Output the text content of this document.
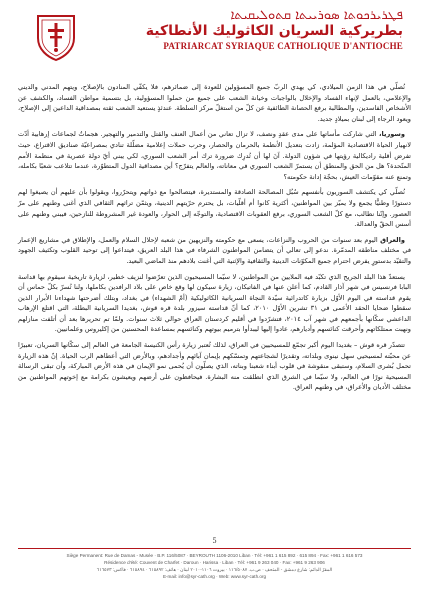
ܦܛܪܝܪܟܘܬܐ ܣܘܪܝܝܬܐ ܩܬܘܠܝܩܝܬܐ
بطريركية السريان الكاثوليك الأنطاكية
PATRIARCAT SYRIAQUE CATHOLIQUE D'ANTIOCHE

نُصلّي في هذا الزمن الميلادي، كي يهدي الربّ جميع المسؤولين للعودة إلى ضمائرهم، فلا يكفّي المنادون بالإصلاح، ويتهم المدني والديني والإعلامي، بالعمل لإنهاء الفساد والإخلال بالواجبات وخيانة الشعب على جميع من حملوا المسؤولية، بل بتسمية مواطن الفساد، والكشف عن الأشخاص الفاسدين، والمطالبة برفع الحصانة الطائفية عن كلّ من استغلّ مركز السلطة. عندئذٍ يستعيد الشعب ثقته بمصداقية الداعين إلى الإصلاح، ويعود الرجاء إلى لبنان بميلادٍ جديد.

وسوريا، التي شاركت مأساتها على مدى عقدٍ ونصف، لا تزال تعاني من أعمال العنف والقتل والتدمير والتهجير. هجماتٌ لجماعات إرهابية أدّت لانهيار الحياة الاقتصادية المؤلمة، زادت بتعديل الأنظمة بالحرمان والحصار، وحرب حملات إعلامية مضلّلة تنادي بمصراعيّة صناديق الاقتراع، حيث تفرض أقلية راديكالية رؤيتها في شؤون الدولة. آنَ لها أن تُدرِك ضرورة ترك أمر الشعب السوري، لكي يبني أيّ دولة عصرية في منظمة الأمم المتّحدة؟ هل من الحق والمنطق أن يستمرّ الشعب السوري في معاناته، والعالم يتفرّج؟ أين مصداقية الدول المتطوّرة، عندما تتلاعب شعبًا بكامله، وتمنع عنه مقوّمات العيش، بحجّة إدانة حكومته؟

نُصلّي كي يكتشف السوريون بأنفسهم سُبُل المصالحة الصادقة والمستديرة، فيتصالحوا مع ذواتهم ويتحرّروا، ويقولوا بأن عليهم أن يصيغوا لهم دستورًا وطنيًّا يجمع ولا يميّز بين المواطنين، أكثرية كانوا أم أقلّيات، بل يحترم حرّيتهم الدينية، ويثمّن تراثهم الثقافي الذي أغنى وطنهم على مرّ العصور. وإنّنا نطالب، مع كلّ الشعب السوري، برفع العقوبات الاقتصادية، والتوجّه إلى الحوار، والعودة غير المشروطة للنازحين، فيبني وطنهم على أسس الحقّ والعدالة.

والعراق اليوم بعد سنوات من الحروب والنزاعات، يسعى مع حكومته والنزيهين من شعبه لإحلال السلام والعمل، والإطلاق في مشاريع الإعمار في مختلف مناطقه المدمّرة. ندعو إلى تعالي أن يتضامن المواطنون الشرفاء في هذا البلد العريق، فيتداعوا إلى توحيد القلوب وتكثيف الجهود والتقيّد بدستورٍ يفرض احترام جميع المكوّنات الدينية والثقافية والإثنية التي أغنت بلادهم منذ الماضي البعيد.

يستعدّ هذا البلد الجريح الذي تكبّد فيه الملايين من المواطنين، لا سيّما المسيحيون الذين تعرّضوا لنزيف خطير، لزيارة تاريخية سيقوم بها قداسة البابا فرنسيس في شهر آذار القادم، كما أعلن عنها في الفاتيكان، زيارة سيكون لها وقع خاص على بلاد الرافدين بكاملها، ولنا تُسرّ بكلّ حماس أن يقوم قداسته في اليوم الأوّل بزيارة كاتدرائية سيّدة النجاة السريانية الكاثوليكية (أمّ الشهداء) في بغداد، وبتلك أضرحتها شهداءنا الأبرار الذين سقطوا ضحايا الحقد الأعمى في ٣١ تشرين الأوّل ٢٠١٠، كما أنّ قداسته سيزور بلدة قره قوش، بغديدا السريانية البطلة، التي اقتلع الإرهاب الداعشي سكّانها بأجمعهم في شهر آب ٢٠١٤، فتشرّدوا في أقليم كردستان العراق حوالي ثلاث سنوات. ولمّا تم تحريرها بعد أن أتلفت منازلهم ونهبت ممتلكاتهم وأحرقت كنائسهم وأديارهم، عادوا إليها ليبدأوا بترميم بيوتهم وكنائسهم بمساعدة المحسنين من إكليروس وعلمانيين.

تتصدّر قره قوش – بغديدا اليوم أكبر تجمّع للمسيحيين في العراق، لذلك تُعتبر زيارة رأس الكنيسة الجامعة في العالم إلى سكّانها السريان، تعبيرًا عن محبّته لمسيحيي سهل نينوى وبلداته، وتقديرًا لشجاعتهم وتمسّكهم بإيمان آبائهم وأجدادهم، وبالأرض التي أعطاهم الرب الحياة. إنّ هذه الزيارة تحمل بُشرى السلام، وستبقى منقوشة في قلوب أبناء شعبنا وبناته، الذي يصلّون أن يُحمى نمو الإيمان في هذه الأرض المباركة، وأن تبقى الرسالة المسيحية نورًا في العالم، ولا سيّما في الشرق الذي انطلقت منه البشارة. فيحافظون على أرضهم ويعيشون بكرامة مع إخوتهم المواطنين من مختلف الأديان والأعراق، في وطنهم العراق.

5
Siège Permanent: Rue de Damas - Musée · B.P. 116/5087 · BEYROUTH 1106-2010 Liban · Tél: +961 1 615 892 · 615 894 · Fax: +961 1 616 573
Résidence d'été: Couvent de Charfet · Daroun · Harissa · Liban · Tél: +961 9 263 040 · Fax: +961 9 263 906
المقرّ الدائم: شارع دمشق - المتحف · ص.ب. ١١٦/٥٠٨٧ · بيروت ١١٠٦-٢٠١٠ لبنان · هاتف: ٦١٥٨٩٢ · ٦١٥٨٩٤ · فاكس: ٦١٦٥٧٣
E-mail: info@syr-cath.org · Web: www.syr-cath.org
